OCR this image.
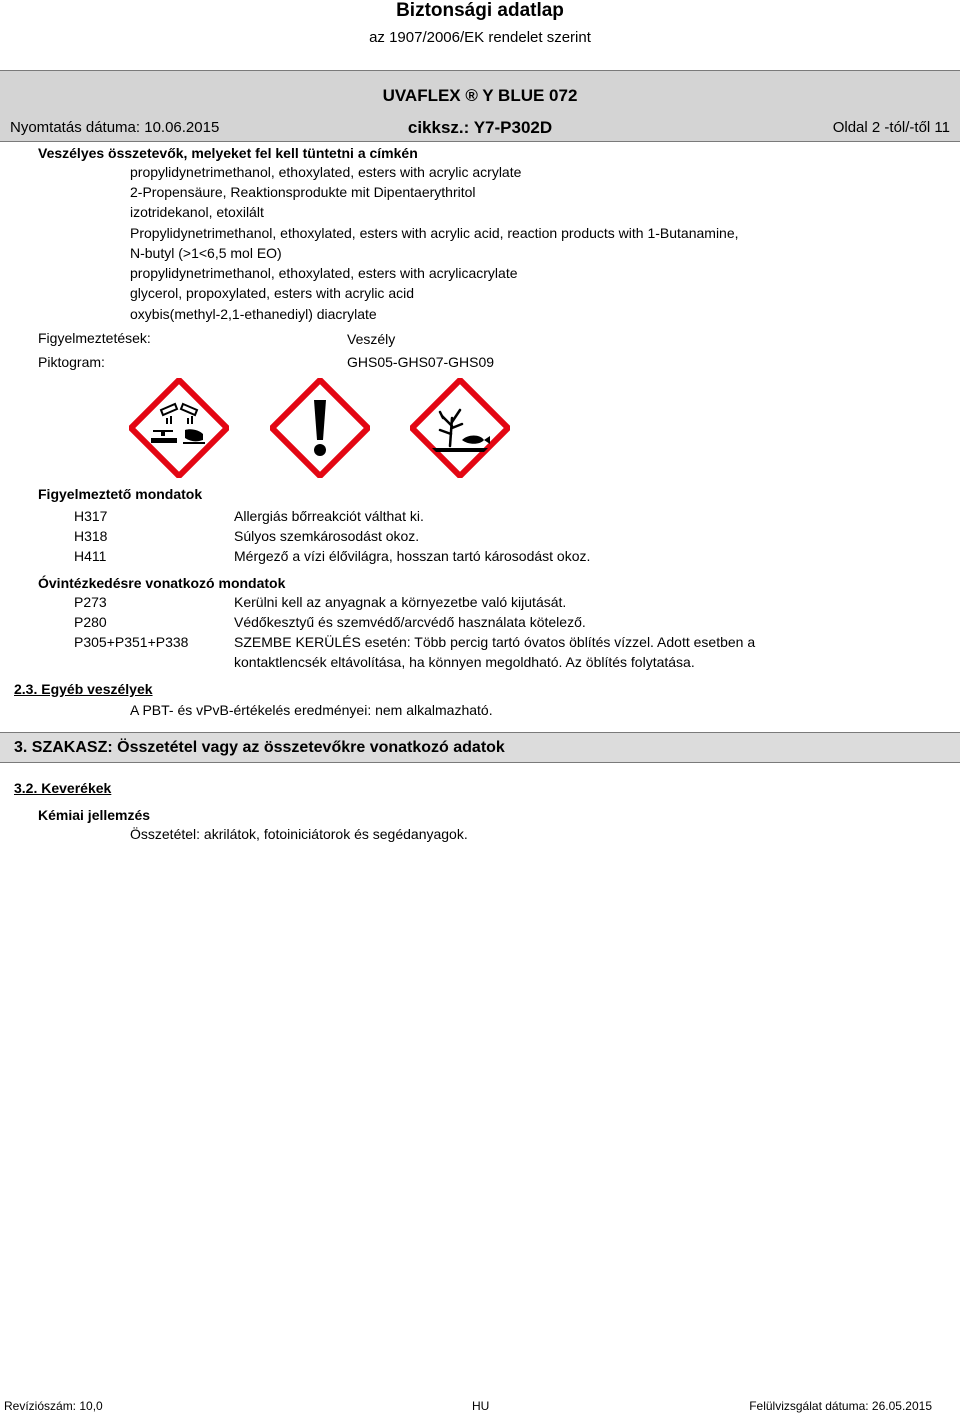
Biztonsági adatlap
az 1907/2006/EK rendelet szerint
UVAFLEX ® Y BLUE 072
Nyomtatás dátuma: 10.06.2015	cikksz.: Y7-P302D	Oldal 2 -tól/-től 11
Veszélyes összetevők, melyeket fel kell tüntetni a címkén
propylidynetrimethanol, ethoxylated, esters with acrylic acrylate
2-Propensäure, Reaktionsprodukte mit Dipentaerythritol
izotridekanol, etoxilált
Propylidynetrimethanol, ethoxylated, esters with acrylic acid, reaction products with 1-Butanamine,
N-butyl (>1<6,5 mol EO)
propylidynetrimethanol, ethoxylated, esters with acrylicacrylate
glycerol, propoxylated, esters with acrylic acid
oxybis(methyl-2,1-ethanediyl) diacrylate
Figyelmeztetések:	Veszély
Piktogram:	GHS05-GHS07-GHS09
Figyelmeztető mondatok
H317	Allergiás bőrreakciót válthat ki.
H318	Súlyos szemkárosodást okoz.
H411	Mérgező a vízi élővilágra, hosszan tartó károsodást okoz.
Óvintézkedésre vonatkozó mondatok
P273	Kerülni kell az anyagnak a környezetbe való kijutását.
P280	Védőkesztyű és szemvédő/arcvédő használata kötelező.
P305+P351+P338	SZEMBE KERÜLÉS esetén: Több percig tartó óvatos öblítés vízzel. Adott esetben a
kontaktlencsék eltávolítása, ha könnyen megoldható. Az öblítés folytatása.
2.3. Egyéb veszélyek
A PBT- és vPvB-értékelés eredményei: nem alkalmazható.
3. SZAKASZ: Összetétel vagy az összetevőkre vonatkozó adatok
3.2. Keverékek
Kémiai jellemzés
Összetétel: akrilátok, fotoiniciátorok és segédanyagok.
Revíziószám: 10,0	HU	Felülvizsgálat dátuma: 26.05.2015
